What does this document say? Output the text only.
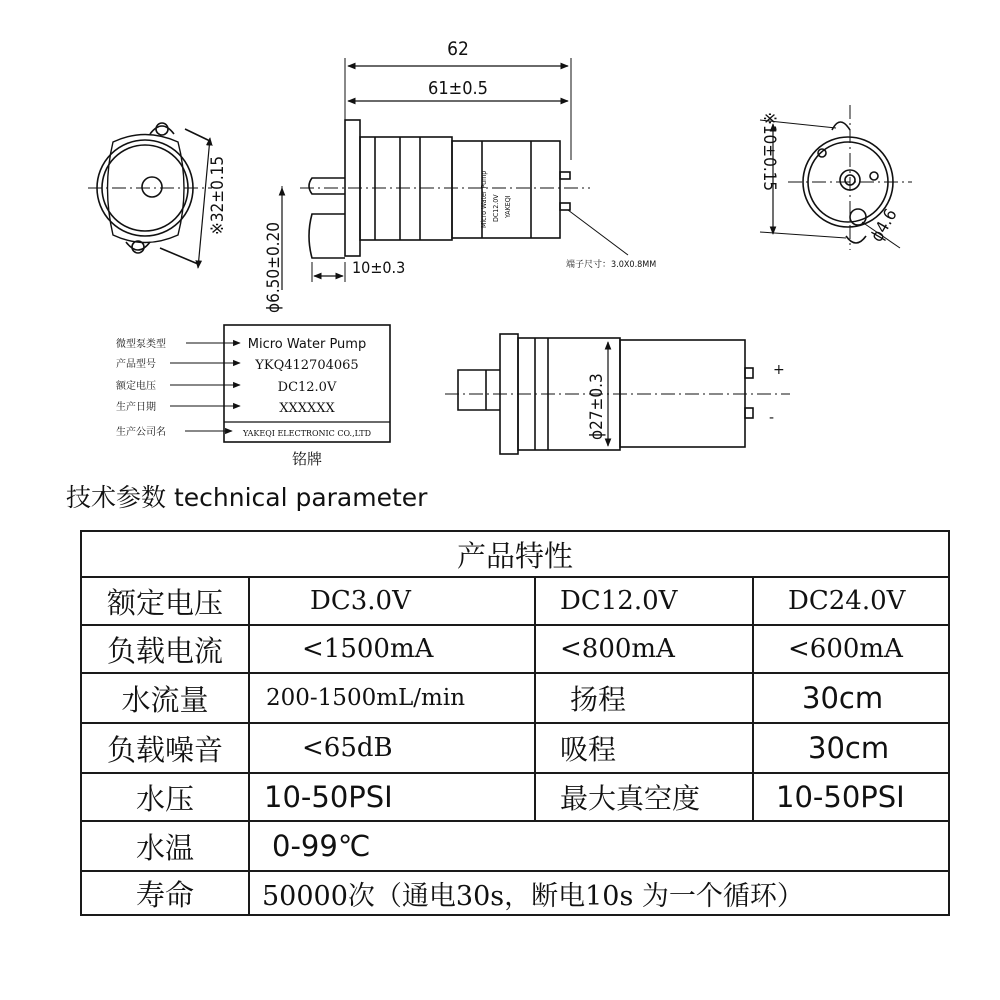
※32±0.15	Micro Water Pump DC12.0V YAKEQI
62
61±0.5
ϕ6.50±0.20	10±0.3	端子尺寸：3.0X0.8MM
※10±0.15
ϕ4.6
微型泵类型
产品型号
额定电压
生产日期
生产公司名
Micro Water Pump
YKQ412704065
DC12.0V
XXXXXX
YAKEQI ELECTRONIC CO.,LTD
铭牌
ϕ27±0.3
+
-
技术参数 technical parameter
产品特性
额定电压	DC3.0V	DC12.0V	DC24.0V
负载电流	<1500mA	<800mA	<600mA
水流量	200-1500mL/min	扬程	30cm
负载噪音	<65dB	吸程	30cm
水压	10-50PSI	最大真空度	10-50PSI
水温	0-99℃
寿命	50000次（通电30s，断电10s 为一个循环）
